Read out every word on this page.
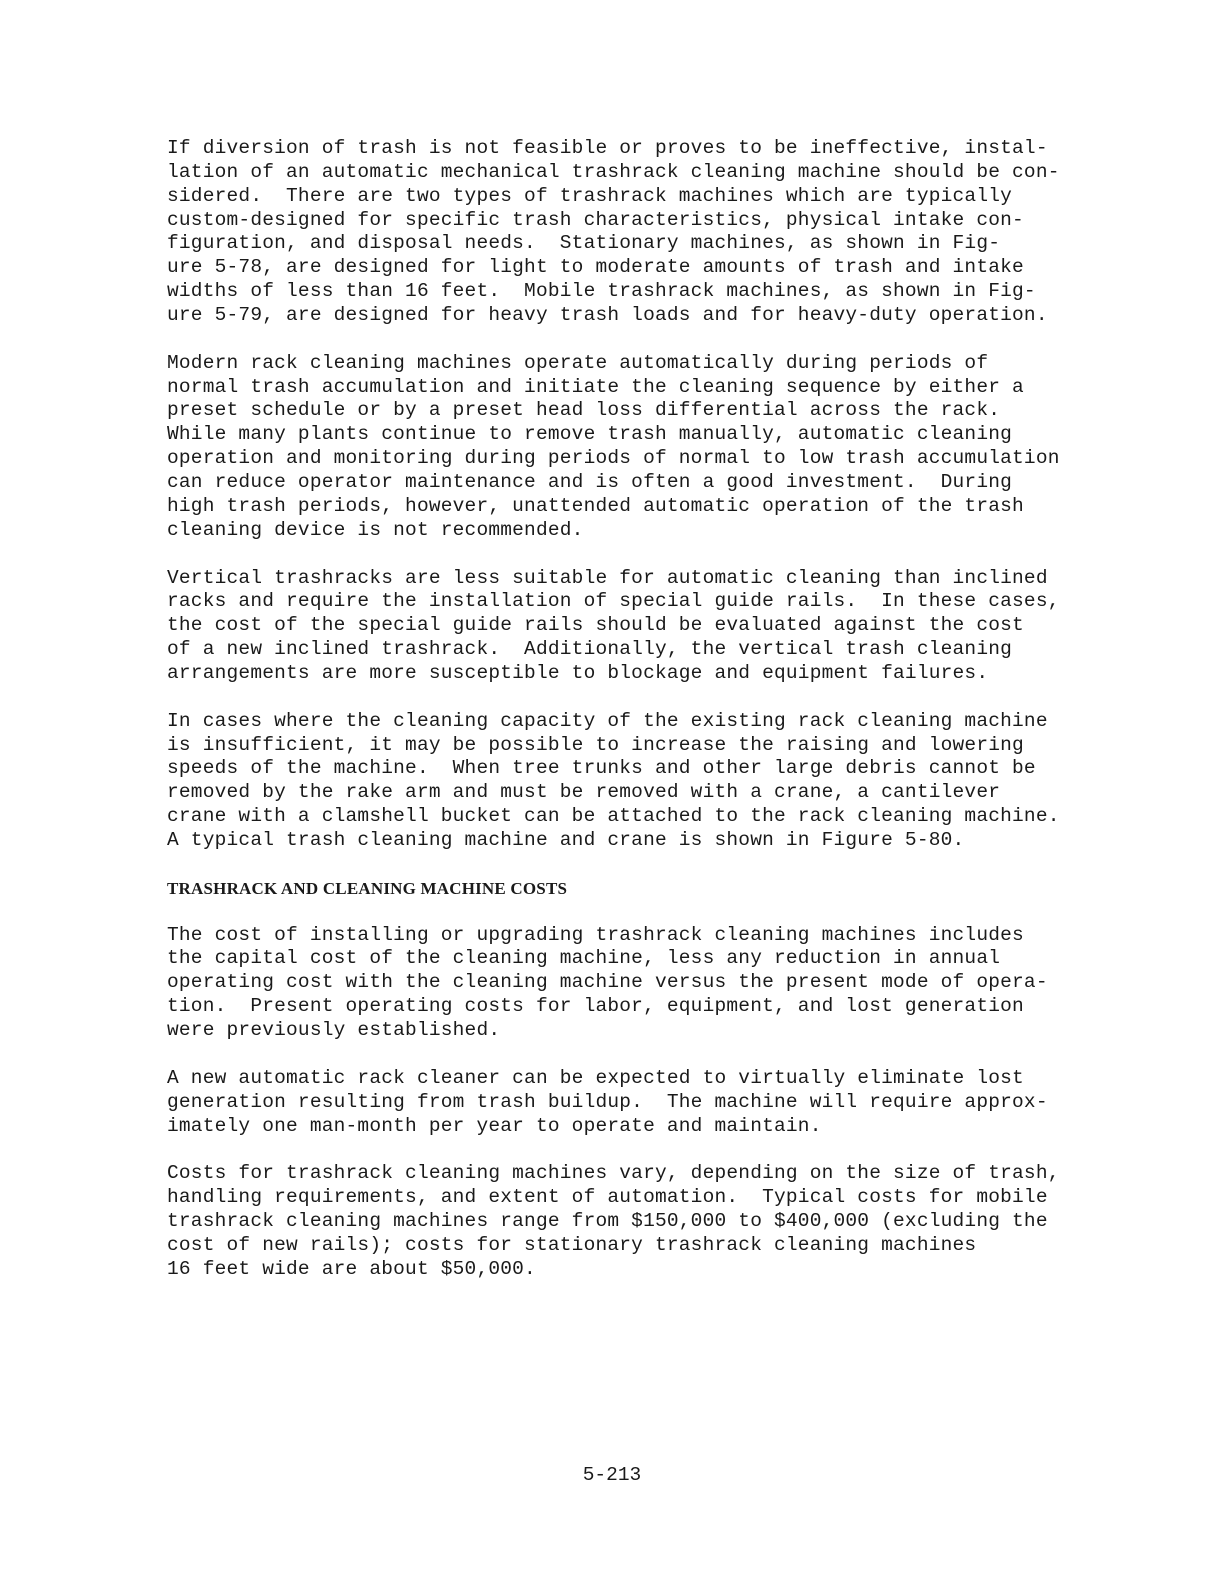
If diversion of trash is not feasible or proves to be ineffective, instal-
lation of an automatic mechanical trashrack cleaning machine should be con-
sidered.  There are two types of trashrack machines which are typically
custom-designed for specific trash characteristics, physical intake con-
figuration, and disposal needs.  Stationary machines, as shown in Fig-
ure 5-78, are designed for light to moderate amounts of trash and intake
widths of less than 16 feet.  Mobile trashrack machines, as shown in Fig-
ure 5-79, are designed for heavy trash loads and for heavy-duty operation.

Modern rack cleaning machines operate automatically during periods of
normal trash accumulation and initiate the cleaning sequence by either a
preset schedule or by a preset head loss differential across the rack.
While many plants continue to remove trash manually, automatic cleaning
operation and monitoring during periods of normal to low trash accumulation
can reduce operator maintenance and is often a good investment.  During
high trash periods, however, unattended automatic operation of the trash
cleaning device is not recommended.

Vertical trashracks are less suitable for automatic cleaning than inclined
racks and require the installation of special guide rails.  In these cases,
the cost of the special guide rails should be evaluated against the cost
of a new inclined trashrack.  Additionally, the vertical trash cleaning
arrangements are more susceptible to blockage and equipment failures.

In cases where the cleaning capacity of the existing rack cleaning machine
is insufficient, it may be possible to increase the raising and lowering
speeds of the machine.  When tree trunks and other large debris cannot be
removed by the rake arm and must be removed with a crane, a cantilever
crane with a clamshell bucket can be attached to the rack cleaning machine.
A typical trash cleaning machine and crane is shown in Figure 5-80.

TRASHRACK AND CLEANING MACHINE COSTS

The cost of installing or upgrading trashrack cleaning machines includes
the capital cost of the cleaning machine, less any reduction in annual
operating cost with the cleaning machine versus the present mode of opera-
tion.  Present operating costs for labor, equipment, and lost generation
were previously established.

A new automatic rack cleaner can be expected to virtually eliminate lost
generation resulting from trash buildup.  The machine will require approx-
imately one man-month per year to operate and maintain.

Costs for trashrack cleaning machines vary, depending on the size of trash,
handling requirements, and extent of automation.  Typical costs for mobile
trashrack cleaning machines range from $150,000 to $400,000 (excluding the
cost of new rails); costs for stationary trashrack cleaning machines
16 feet wide are about $50,000.

5-213
